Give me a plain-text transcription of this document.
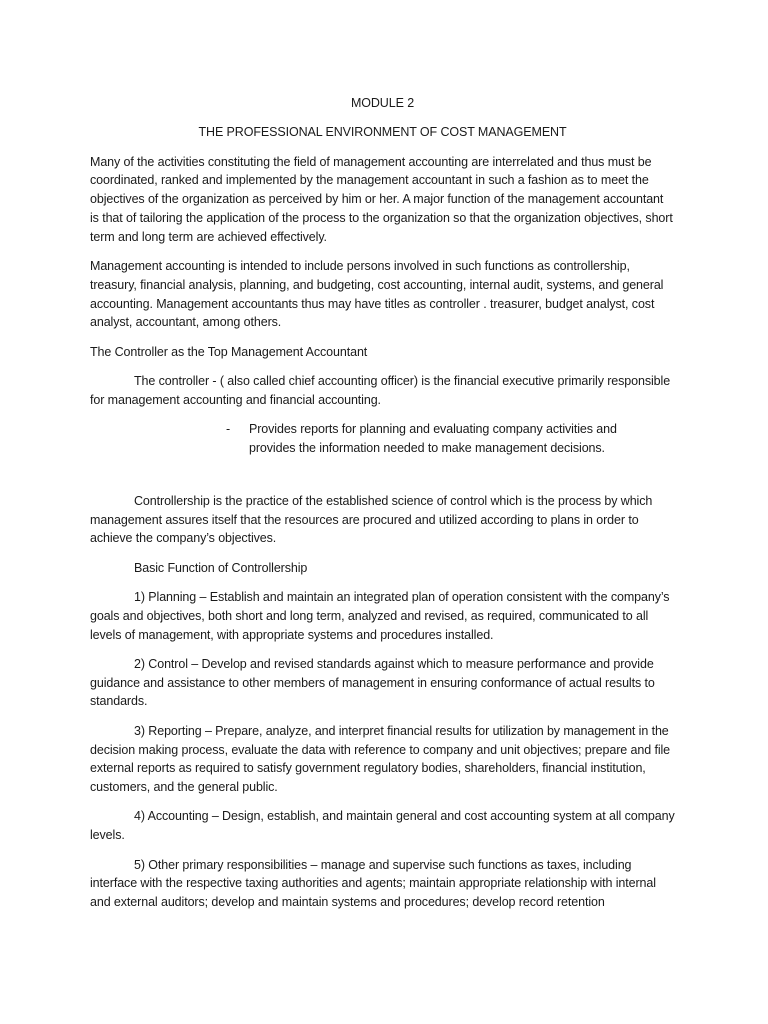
MODULE 2

THE PROFESSIONAL ENVIRONMENT OF COST MANAGEMENT

Many of the activities constituting the field of management accounting are interrelated and thus must be coordinated, ranked and implemented by the management accountant in such a fashion as to meet the objectives of the organization as perceived by him or her. A major function of the management accountant is that of tailoring the application of the process to the organization so that the organization objectives, short term and long term are achieved effectively.

Management accounting is intended to include persons involved in such functions as controllership, treasury, financial analysis, planning, and budgeting, cost accounting, internal audit, systems, and general accounting. Management accountants thus may have titles as controller . treasurer, budget analyst, cost analyst, accountant, among others.

The Controller as the Top Management Accountant

The controller - ( also called chief accounting officer) is the financial executive primarily responsible for management accounting and financial accounting.

-	Provides reports for planning and evaluating company activities and provides the information needed to make management decisions.

Controllership is the practice of the established science of control which is the process by which management assures itself that the resources are procured and utilized according to plans in order to achieve the company’s objectives.

Basic Function of Controllership

1) Planning – Establish and maintain an integrated plan of operation consistent with the company’s goals and objectives, both short and long term, analyzed and revised, as required, communicated to all levels of management, with appropriate systems and procedures installed.

2) Control – Develop and revised standards against which to measure performance and provide guidance and assistance to other members of management in ensuring conformance of actual results to standards.

3) Reporting – Prepare, analyze, and interpret financial results for utilization by management in the decision making process, evaluate the data with reference to company and unit objectives; prepare and file external reports as required to satisfy government regulatory bodies, shareholders, financial institution, customers, and the general public.

4) Accounting – Design, establish, and maintain general and cost accounting system at all company levels.

5) Other primary responsibilities – manage and supervise such functions as taxes, including interface with the respective taxing authorities and agents; maintain appropriate relationship with internal and external auditors; develop and maintain systems and procedures; develop record retention
